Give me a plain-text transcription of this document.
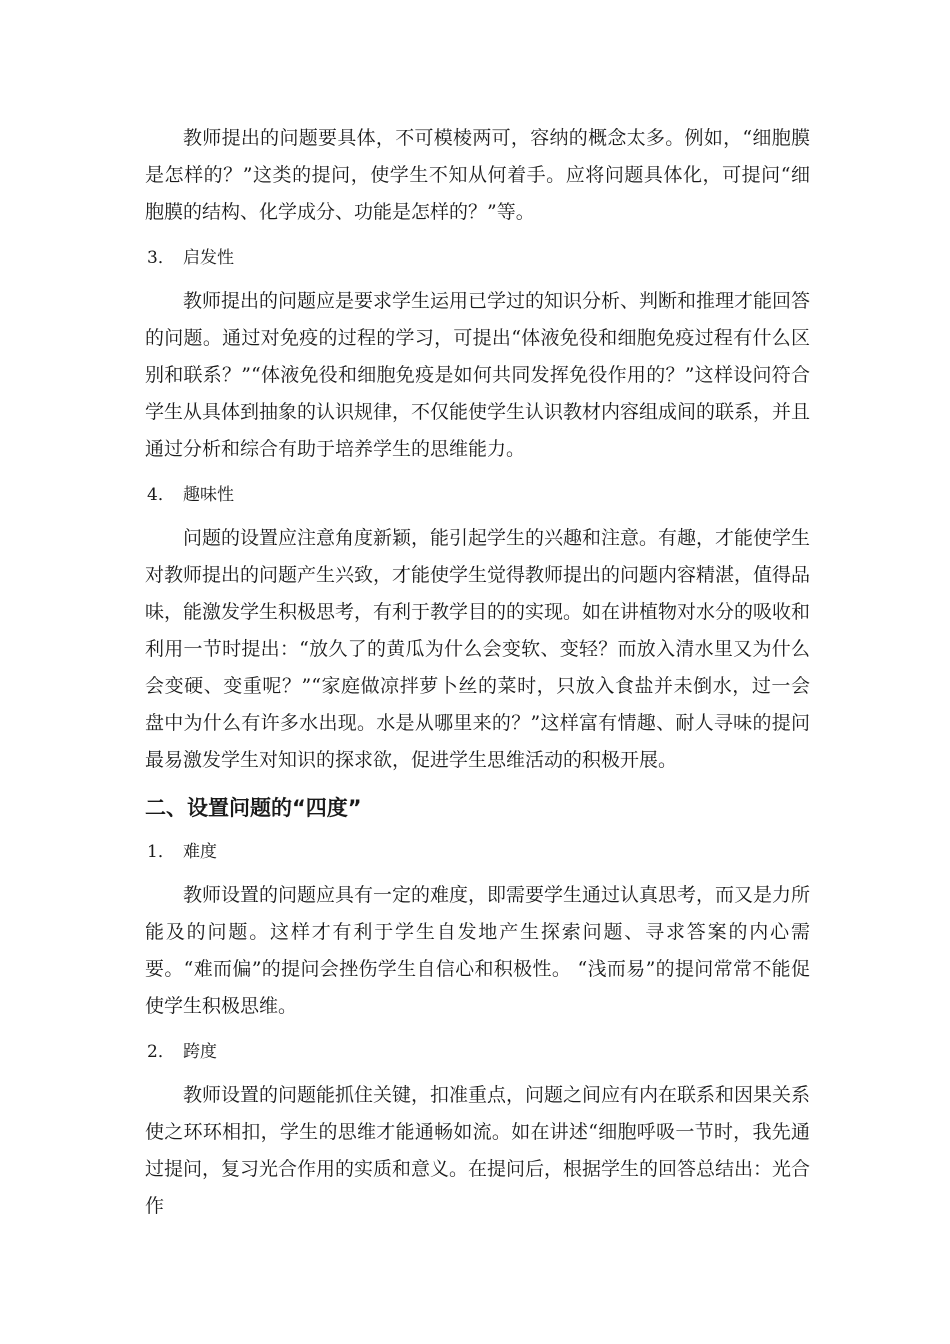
教师提出的问题要具体，不可模棱两可，容纳的概念太多。例如，“细胞膜是怎样的？”这类的提问，使学生不知从何着手。应将问题具体化，可提问“细胞膜的结构、化学成分、功能是怎样的？”等。

3． 启发性

教师提出的问题应是要求学生运用已学过的知识分析、判断和推理才能回答的问题。通过对免疫的过程的学习，可提出“体液免役和细胞免疫过程有什么区别和联系？”“体液免役和细胞免疫是如何共同发挥免役作用的？”这样设问符合学生从具体到抽象的认识规律，不仅能使学生认识教材内容组成间的联系，并且通过分析和综合有助于培养学生的思维能力。

4． 趣味性

问题的设置应注意角度新颖，能引起学生的兴趣和注意。有趣，才能使学生对教师提出的问题产生兴致，才能使学生觉得教师提出的问题内容精湛，值得品味，能激发学生积极思考，有利于教学目的的实现。如在讲植物对水分的吸收和利用一节时提出：“放久了的黄瓜为什么会变软、变轻？而放入清水里又为什么会变硬、变重呢？”“家庭做凉拌萝卜丝的菜时，只放入食盐并未倒水，过一会盘中为什么有许多水出现。水是从哪里来的？”这样富有情趣、耐人寻味的提问最易激发学生对知识的探求欲，促进学生思维活动的积极开展。

二、设置问题的“四度”
1． 难度

教师设置的问题应具有一定的难度，即需要学生通过认真思考，而又是力所能及的问题。这样才有利于学生自发地产生探索问题、寻求答案的内心需要。“难而偏”的提问会挫伤学生自信心和积极性。 “浅而易”的提问常常不能促使学生积极思维。

2． 跨度

教师设置的问题能抓住关键，扣准重点，问题之间应有内在联系和因果关系使之环环相扣，学生的思维才能通畅如流。如在讲述“细胞呼吸一节时，我先通过提问，复习光合作用的实质和意义。在提问后，根据学生的回答总结出：光合作
